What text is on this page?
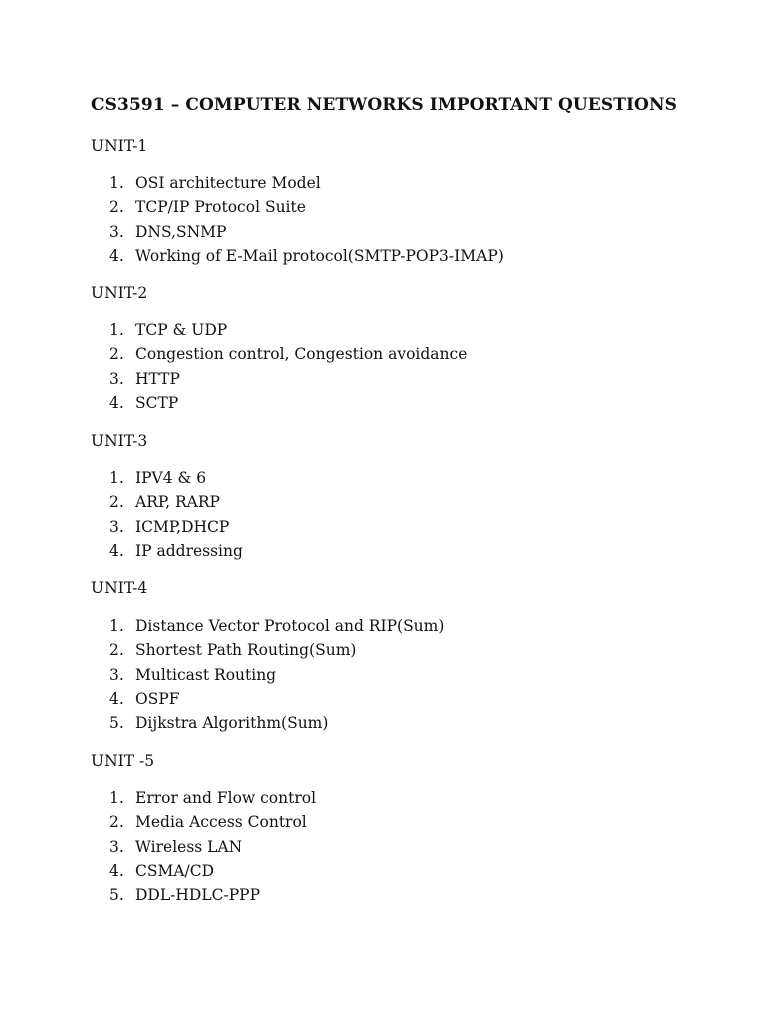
CS3591 – COMPUTER NETWORKS IMPORTANT QUESTIONS

UNIT-1

1. OSI architecture Model
2. TCP/IP Protocol Suite
3. DNS,SNMP
4. Working of E-Mail protocol(SMTP-POP3-IMAP)

UNIT-2

1. TCP & UDP
2. Congestion control, Congestion avoidance
3. HTTP
4. SCTP

UNIT-3

1. IPV4 & 6
2. ARP, RARP
3. ICMP,DHCP
4. IP addressing

UNIT-4

1. Distance Vector Protocol and RIP(Sum)
2. Shortest Path Routing(Sum)
3. Multicast Routing
4. OSPF
5. Dijkstra Algorithm(Sum)

UNIT -5

1. Error and Flow control
2. Media Access Control
3. Wireless LAN
4. CSMA/CD
5. DDL-HDLC-PPP
